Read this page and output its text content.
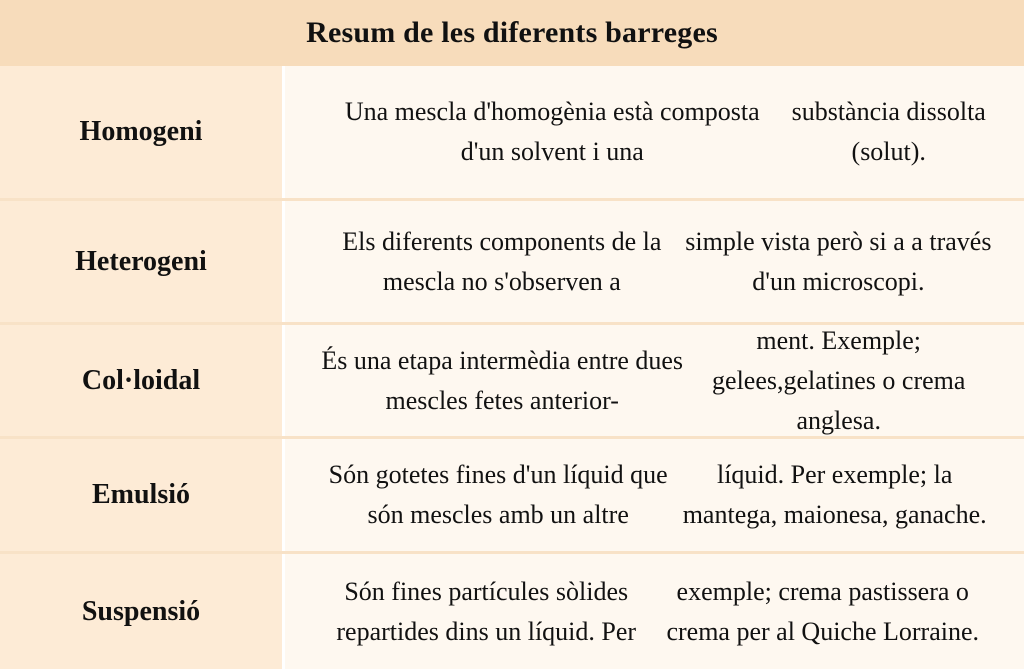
Resum de les diferents barreges
Homogeni
Una mescla d'homogènia està composta d'un solvent i una
substància dissolta (solut).
Heterogeni
Els diferents components de la mescla no s'observen a
simple vista però si a a través d'un microscopi.
Col·loidal
És una etapa intermèdia entre dues mescles fetes anterior-
ment. Exemple; gelees,gelatines o crema anglesa.
Emulsió
Són gotetes fines d'un líquid que són mescles amb un altre
líquid. Per exemple; la mantega, maionesa, ganache.
Suspensió
Són fines partícules sòlides repartides dins un líquid. Per
exemple; crema pastissera o crema per al Quiche Lorraine.
